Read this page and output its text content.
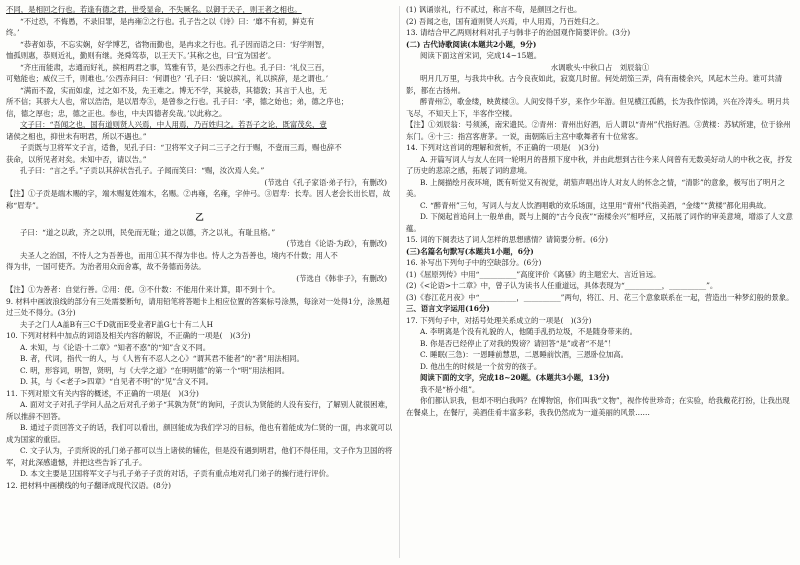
不同，是相回之行也。若逢有德之君，世受显命，不失厥名。以御于天子，则王者之相也。

“不过恐，不悔愚，不录旧罪，是冉雍②之行也。孔子告之以《诗》曰：‘靡不有初，鲜克有

终。’

“恭者如恭，不忘实娴，好学博艺，省物而勤也，是冉求之行也。孔子因而语之曰：‘好学则智，

恤孤则惠，恭则近礼，勤则有继。尧舜笃恭，以王天下。’其称之也，曰‘宜为国老’。

“齐庄而能肃，志通而好礼，摈相两君之事，笃雅有节，是公西赤之行也。孔子曰：‘礼仪三百，

可勉能也；威仪三千，则难也。’公西赤问曰：‘何谓也？’孔子曰：‘貌以摈礼，礼以摈辞，是之谓也。’

“满而不盈，实而如虚，过之如不及，先王难之。博无不学，其貌恭，其德敦；其言于人也，无

所不信；其骄大人也，常以浩浩，是以眉寿③，是曾参之行也。孔子曰：‘孝，德之始也；弟，德之序也；

信，德之厚也；忠，德之正也。参也，中夫四德者矣哉。’以此称之。

文子曰：“吾闻之也，国有道则贤人兴焉，中人用焉，乃百姓归之。若吾子之论，既富茂矣，壹

诸侯之相也，抑世未有明君，所以不遇也。”

子贡既与卫将军文子言，适鲁，见孔子曰：“卫将军文子问二三子之行于赐，不壹而三焉，赐也辞不

获命，以所见者对矣。未知中否，请以告。”

孔子曰：“言之乎。”子贡以其辞状告孔子。子闻而笑曰：“赐，汝次焉人矣。”

(节选自《孔子家语·弟子行》，有删改)

【注】①子贡是端木赐的字，端木赐复姓端木，名赐。②冉雍，名雍，字仲弓。③眉寿：长寿。因人老会长出长眉，故称“眉寿”。

乙

子曰：“道之以政，齐之以刑，民免而无耻；道之以德，齐之以礼，有耻且格。”

(节选自《论语·为政》，有删改)

夫圣人之治国，不恃人之为吾善也，而用①其不得为非也。恃人之为吾善也，境内不什数；用人不

得为非，一国可使齐。为治者用众而舍寡，故不务德而务法。

(节选自《韩非子》，有删改)

【注】①为善者：自觉行善。②用：使。③不什数：不能用什来计算，即不到十个。

9. 材料中画波浪线的部分有三处需要断句，请用铅笔将答题卡上相应位置的答案标号涂黑，每涂对一处得1分，涂黑超过三处不得分。(3分)

夫子之门人A盖B有三C千D就而E受业者F盖G七十有二人H

10. 下列对材料中加点的词语及相关内容的解说，不正确的一项是(　)(3分)

A. 未知，与《论语·十二章》“知者不惑”的“知”含义不同。

B. 者，代词，指代一的人，与《人皆有不忍人之心》“谓其君不能者”的“者”用法相同。

C. 明，形容词，明智，贤明，与《大学之道》“在明明德”的第一个“明”用法相同。

D. 其，与《<老子>四章》“自见者不明”的“见”含义不同。

11. 下列对原文有关内容的概述，不正确的一项是(　)(3分)

A. 面对文子对孔子学问人品之后对孔子弟子“其孰为贤”的询问，子贡认为贤能的人没有妄行，了解别人就很困难，所以推辞不回答。

B. 通过子贡回答文子的话，我们可以看出，颜回能成为我们学习的目标，他也有着能成为仁贤的一面，冉求就可以成为国家的重臣。

C. 文子认为，子贡所说的孔门弟子都可以当上诸侯的辅佐，但是没有遇到明君，他们不得任用，文子作为卫国的将军，对此深感遗憾，并把这些告诉了孔子。

D. 本文主要是卫国将军文子与孔子弟子子贡的对话，子贡有重点地对孔门弟子的操行进行评价。

12. 把材料中画横线的句子翻译成现代汉语。(8分)

(1) 讽诵崇礼，行不贰过，称言不苟，是颜回之行也。

(2) 吾闻之也，国有道则贤人兴焉，中人用焉，乃百姓归之。

13. 请结合甲乙两则材料对孔子与韩非子的治国观作简要评价。(3分)

(二) 古代诗歌阅读(本题共2小题，9分)

阅读下面这首宋词，完成14~15题。

水调歌头·中秋口占　刘辰翁①

明月几万里，与我共中秋。古今良夜如此，寂寞几时留。何处胡笳三弄，尚有南楼余兴，风起木兰舟。谁可共清影，都在古扬州。

醉青州②，歌金缕，映黄楼③。人间安得千岁，来作少年游。但见横江孤鹤，长为我作惊鸿，兴在冷涛头。明月共飞尽，不知天上下，半客作空楼。

【注】①刘辰翁：号须溪，南宋遗民。②青州：青州出好酒，后人谓以“青州”代指好酒。③黄楼：苏轼所建，位于徐州东门。④十三：指宫客唐茅。一说，南朝陈后主宫中歌舞者有十位常客。

14. 下列对这首词的理解和赏析，不正确的一项是(　)(3分)

A. 开篇写词人与友人在同一轮明月的普照下度中秋，并由此想到古往今来人间曾有无数美好动人的中秋之夜，抒发了历史的悲凉之感，拓展了词的意境。

B. 上阕描绘月夜环境，既有听觉又有视觉，胡笳声唱出诗人对友人的怀念之情，“清影”的意象，极写出了明月之美。

C. “醉青州”三句，写词人与友人饮酒唱歌的欢乐场面，这里用“青州”代指美酒，“金缕”“黄楼”都化用典故。

D. 下阕起首追问上一般单曲，既与上阕的“古今良夜”“南楼余兴”相呼应，又拓展了词作的审美意境，增添了人文意蕴。

15. 词的下阕表达了词人怎样的思想感情？请简要分析。(6分)

(三)名篇名句默写(本题共1小题，6分)

16. 补写出下列句子中的空缺部分。(6分)

(1)《屈原列传》中用“__________”高度评价《离骚》的主题宏大、言近旨远。

(2)《<论语>十二章》中，曾子认为读书人任重道远，具体表现为“__________，__________”。

(3)《春江花月夜》中“__________，__________”两句，将江、月、花三个意象联系在一起，营造出一种梦幻般的景象。

三、语言文字运用(16分)

17. 下列句子中，对括号处理关系成立的一项是(　)(3分)

A. 李明离是个没有礼貌的人，他随手乱扔垃圾，不是随身带来的。

B. 你是否已经停止了对我的毁谤？请回答“是”或者“不是”！

C. 睡眠(三急)：一恩睡前慧思，二恩睡前饮酒，三恩卧位加高。

D. 他出生的时候是一个贫穷的孩子。

阅读下面的文字，完成18~20题。(本题共3小题，13分)

我不是“桥小组”。

你们都认识我，但却不明白我吗？在博物馆，你们叫我“文物”，视作传世珍奇；在实验，给我戴花打扮，让我出现在餐桌上，在餐厅，美酒佳肴丰富多彩，我我仍然成为一道美丽的风景……
